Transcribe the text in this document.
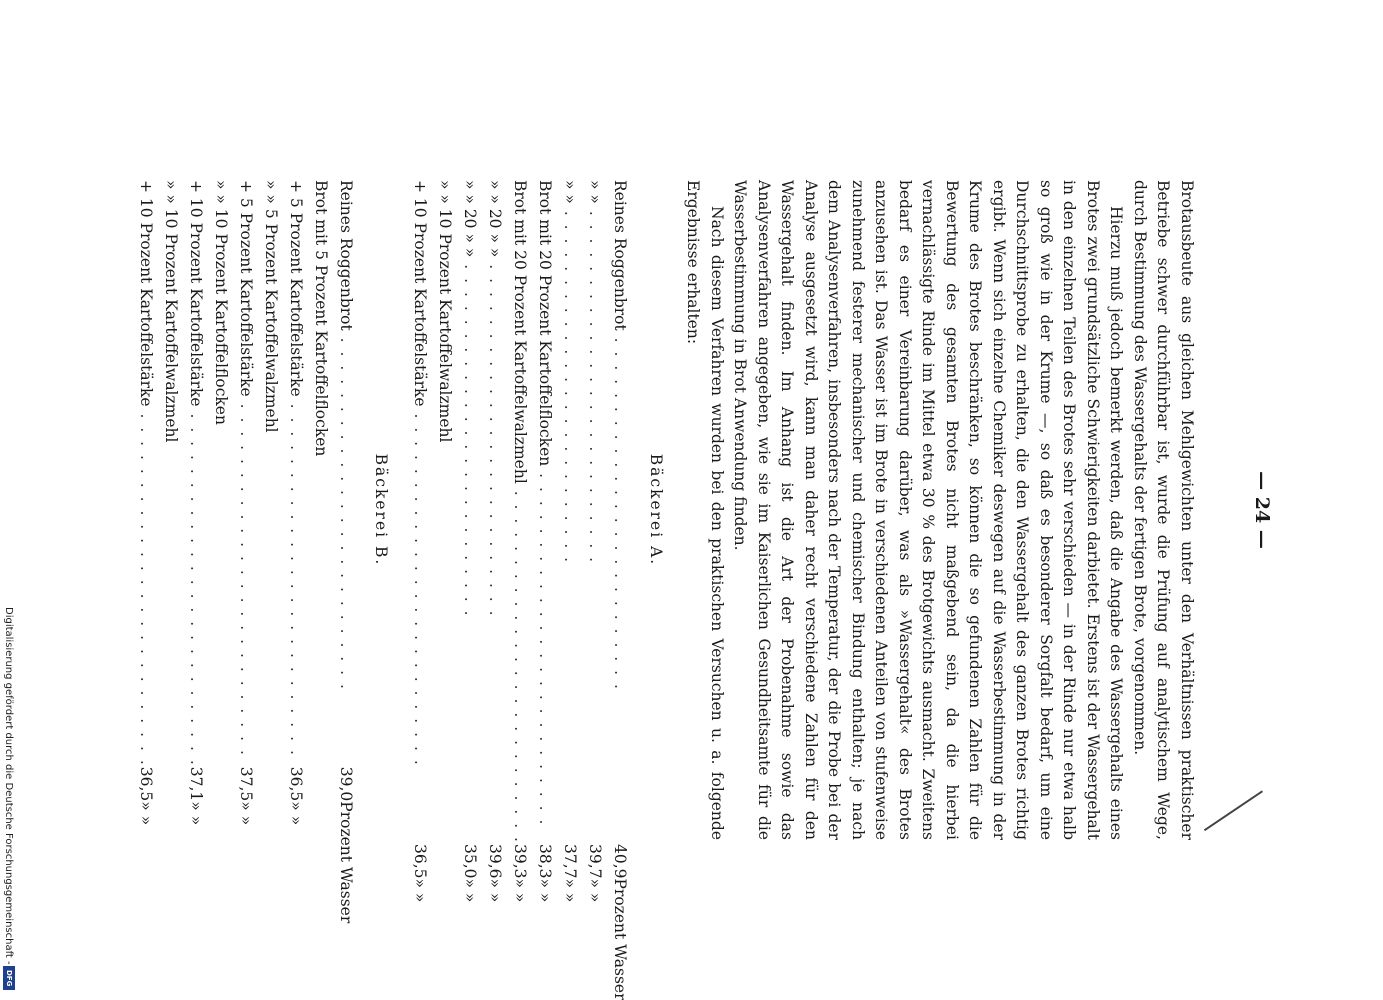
— 24 —

Brotausbeute aus gleichen Mehlgewichten unter den Verhältnissen praktischer Betriebe schwer durchführbar ist, wurde die Prüfung auf analytischem Wege, durch Bestimmung des Wassergehalts der fertigen Brote, vorgenommen.

Hierzu muß jedoch bemerkt werden, daß die Angabe des Wassergehalts eines Brotes zwei grundsätzliche Schwierigkeiten darbietet. Erstens ist der Wassergehalt in den einzelnen Teilen des Brotes sehr verschieden — in der Rinde nur etwa halb so groß wie in der Krume —, so daß es besonderer Sorgfalt bedarf, um eine Durchschnittsprobe zu erhalten, die den Wassergehalt des ganzen Brotes richtig ergibt. Wenn sich einzelne Chemiker deswegen auf die Wasserbestimmung in der Krume des Brotes beschränken, so können die so gefundenen Zahlen für die Bewertung des gesamten Brotes nicht maßgebend sein, da die hierbei vernachlässigte Rinde im Mittel etwa 30 % des Brotgewichts ausmacht. Zweitens bedarf es einer Vereinbarung darüber, was als »Wassergehalt« des Brotes anzusehen ist. Das Wasser ist im Brote in verschiedenen Anteilen von stufenweise zunehmend festerer mechanischer und chemischer Bindung enthalten; je nach dem Analysenverfahren, insbesonders nach der Temperatur, der die Probe bei der Analyse ausgesetzt wird, kann man daher recht verschiedene Zahlen für den Wassergehalt finden. Im Anhang ist die Art der Probenahme sowie das Analysenverfahren angegeben, wie sie im Kaiserlichen Gesundheitsamte für die Wasserbestimmung in Brot Anwendung finden.

Nach diesem Verfahren wurden bei den praktischen Versuchen u. a. folgende Ergebnisse erhalten:

Bäckerei A.
Reines Roggenbrot . . . . . . . . . . . . . . . . . . . . . . . . . .	40,9	Prozent Wasser
» » . . . . . . . . . . . . . . . . . . . . . . . . . .	39,7	» »
» » . . . . . . . . . . . . . . . . . . . . . . . . . .	37,7	» »
Brot mit 20 Prozent Kartoffelflocken . . . . . . . . . . . . . . . . . . . . . . . . . .	38,3	» »
Brot mit 20 Prozent Kartoffelwalzmehl . . . . . . . . . . . . . . . . . . . . . . . . . .	39,3	» »
» » 20 » » . . . . . . . . . . . . . . . . . . . . . . . . . .	39,6	» »
» » 20 » » . . . . . . . . . . . . . . . . . . . . . . . . . .	35,0	» »
» » 10 Prozent Kartoffelwalzmehl		
+ 10 Prozent Kartoffelstärke . . . . . . . . . . . . . . . . . . . . . . . . . .	36,5	» »
Bäckerei B.
Reines Roggenbrot . . . . . . . . . . . . . . . . . . . . . . . . . .	39,0	Prozent Wasser
Brot mit 5 Prozent Kartoffelflocken		
+ 5 Prozent Kartoffelstärke . . . . . . . . . . . . . . . . . . . . . . . . . .	36,5	» »
» » 5 Prozent Kartoffelwalzmehl		
+ 5 Prozent Kartoffelstärke . . . . . . . . . . . . . . . . . . . . . . . . . .	37,5	» »
» » 10 Prozent Kartoffelflocken		
+ 10 Prozent Kartoffelstärke . . . . . . . . . . . . . . . . . . . . . . . . . .	37,1	» »
» » 10 Prozent Kartoffelwalzmehl		
+ 10 Prozent Kartoffelstärke . . . . . . . . . . . . . . . . . . . . . . . . . .	36,5	» »
Digitalisierung gefördert durch die Deutsche Forschungsgemeinschaft -
DFG
